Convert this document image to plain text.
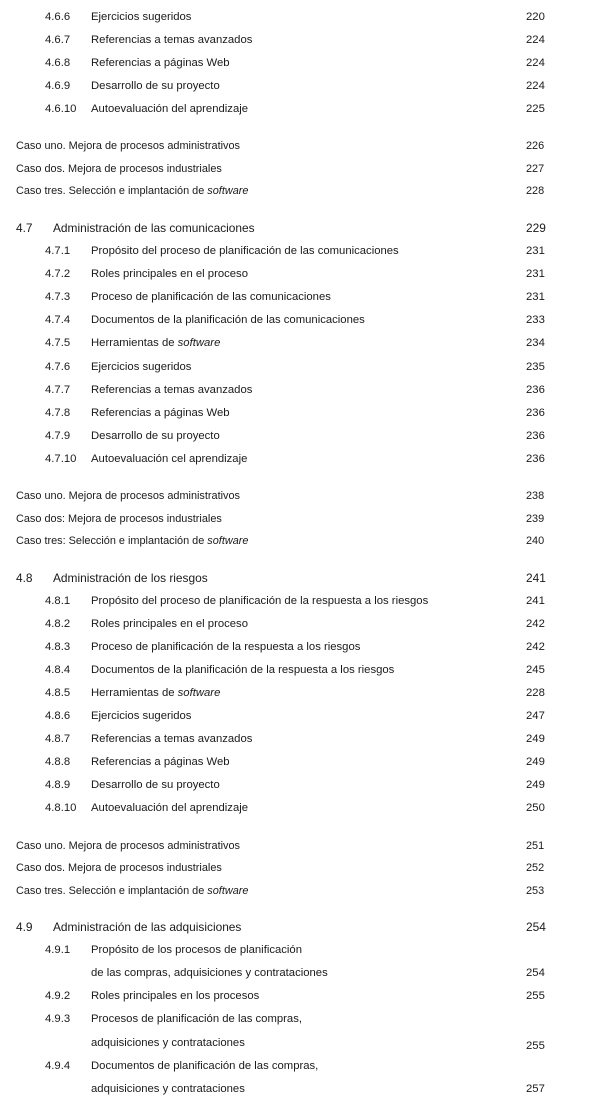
4.6.6	Ejercicios sugeridos	220
4.6.7	Referencias a temas avanzados	224
4.6.8	Referencias a páginas Web	224
4.6.9	Desarrollo de su proyecto	224
4.6.10	Autoevaluación del aprendizaje	225
Caso uno. Mejora de procesos administrativos	226
Caso dos. Mejora de procesos industriales	227
Caso tres. Selección e implantación de software	228
4.7	Administración de las comunicaciones	229
4.7.1	Propósito del proceso de planificación de las comunicaciones	231
4.7.2	Roles principales en el proceso	231
4.7.3	Proceso de planificación de las comunicaciones	231
4.7.4	Documentos de la planificación de las comunicaciones	233
4.7.5	Herramientas de software	234
4.7.6	Ejercicios sugeridos	235
4.7.7	Referencias a temas avanzados	236
4.7.8	Referencias a páginas Web	236
4.7.9	Desarrollo de su proyecto	236
4.7.10	Autoevaluación cel aprendizaje	236
Caso uno. Mejora de procesos administrativos	238
Caso dos: Mejora de procesos industriales	239
Caso tres: Selección e implantación de software	240
4.8	Administración de los riesgos	241
4.8.1	Propósito del proceso de planificación de la respuesta a los riesgos	241
4.8.2	Roles principales en el proceso	242
4.8.3	Proceso de planificación de la respuesta a los riesgos	242
4.8.4	Documentos de la planificación de la respuesta a los riesgos	245
4.8.5	Herramientas de software	228
4.8.6	Ejercicios sugeridos	247
4.8.7	Referencias a temas avanzados	249
4.8.8	Referencias a páginas Web	249
4.8.9	Desarrollo de su proyecto	249
4.8.10	Autoevaluación del aprendizaje	250
Caso uno. Mejora de procesos administrativos	251
Caso dos. Mejora de procesos industriales	252
Caso tres. Selección e implantación de software	253
4.9	Administración de las adquisiciones	254
4.9.1	Propósito de los procesos de planificación
de las compras, adquisiciones y contrataciones	254
4.9.2	Roles principales en los procesos	255
4.9.3	Procesos de planificación de las compras,
adquisiciones y contrataciones	255
4.9.4	Documentos de planificación de las compras,
adquisiciones y contrataciones	257
